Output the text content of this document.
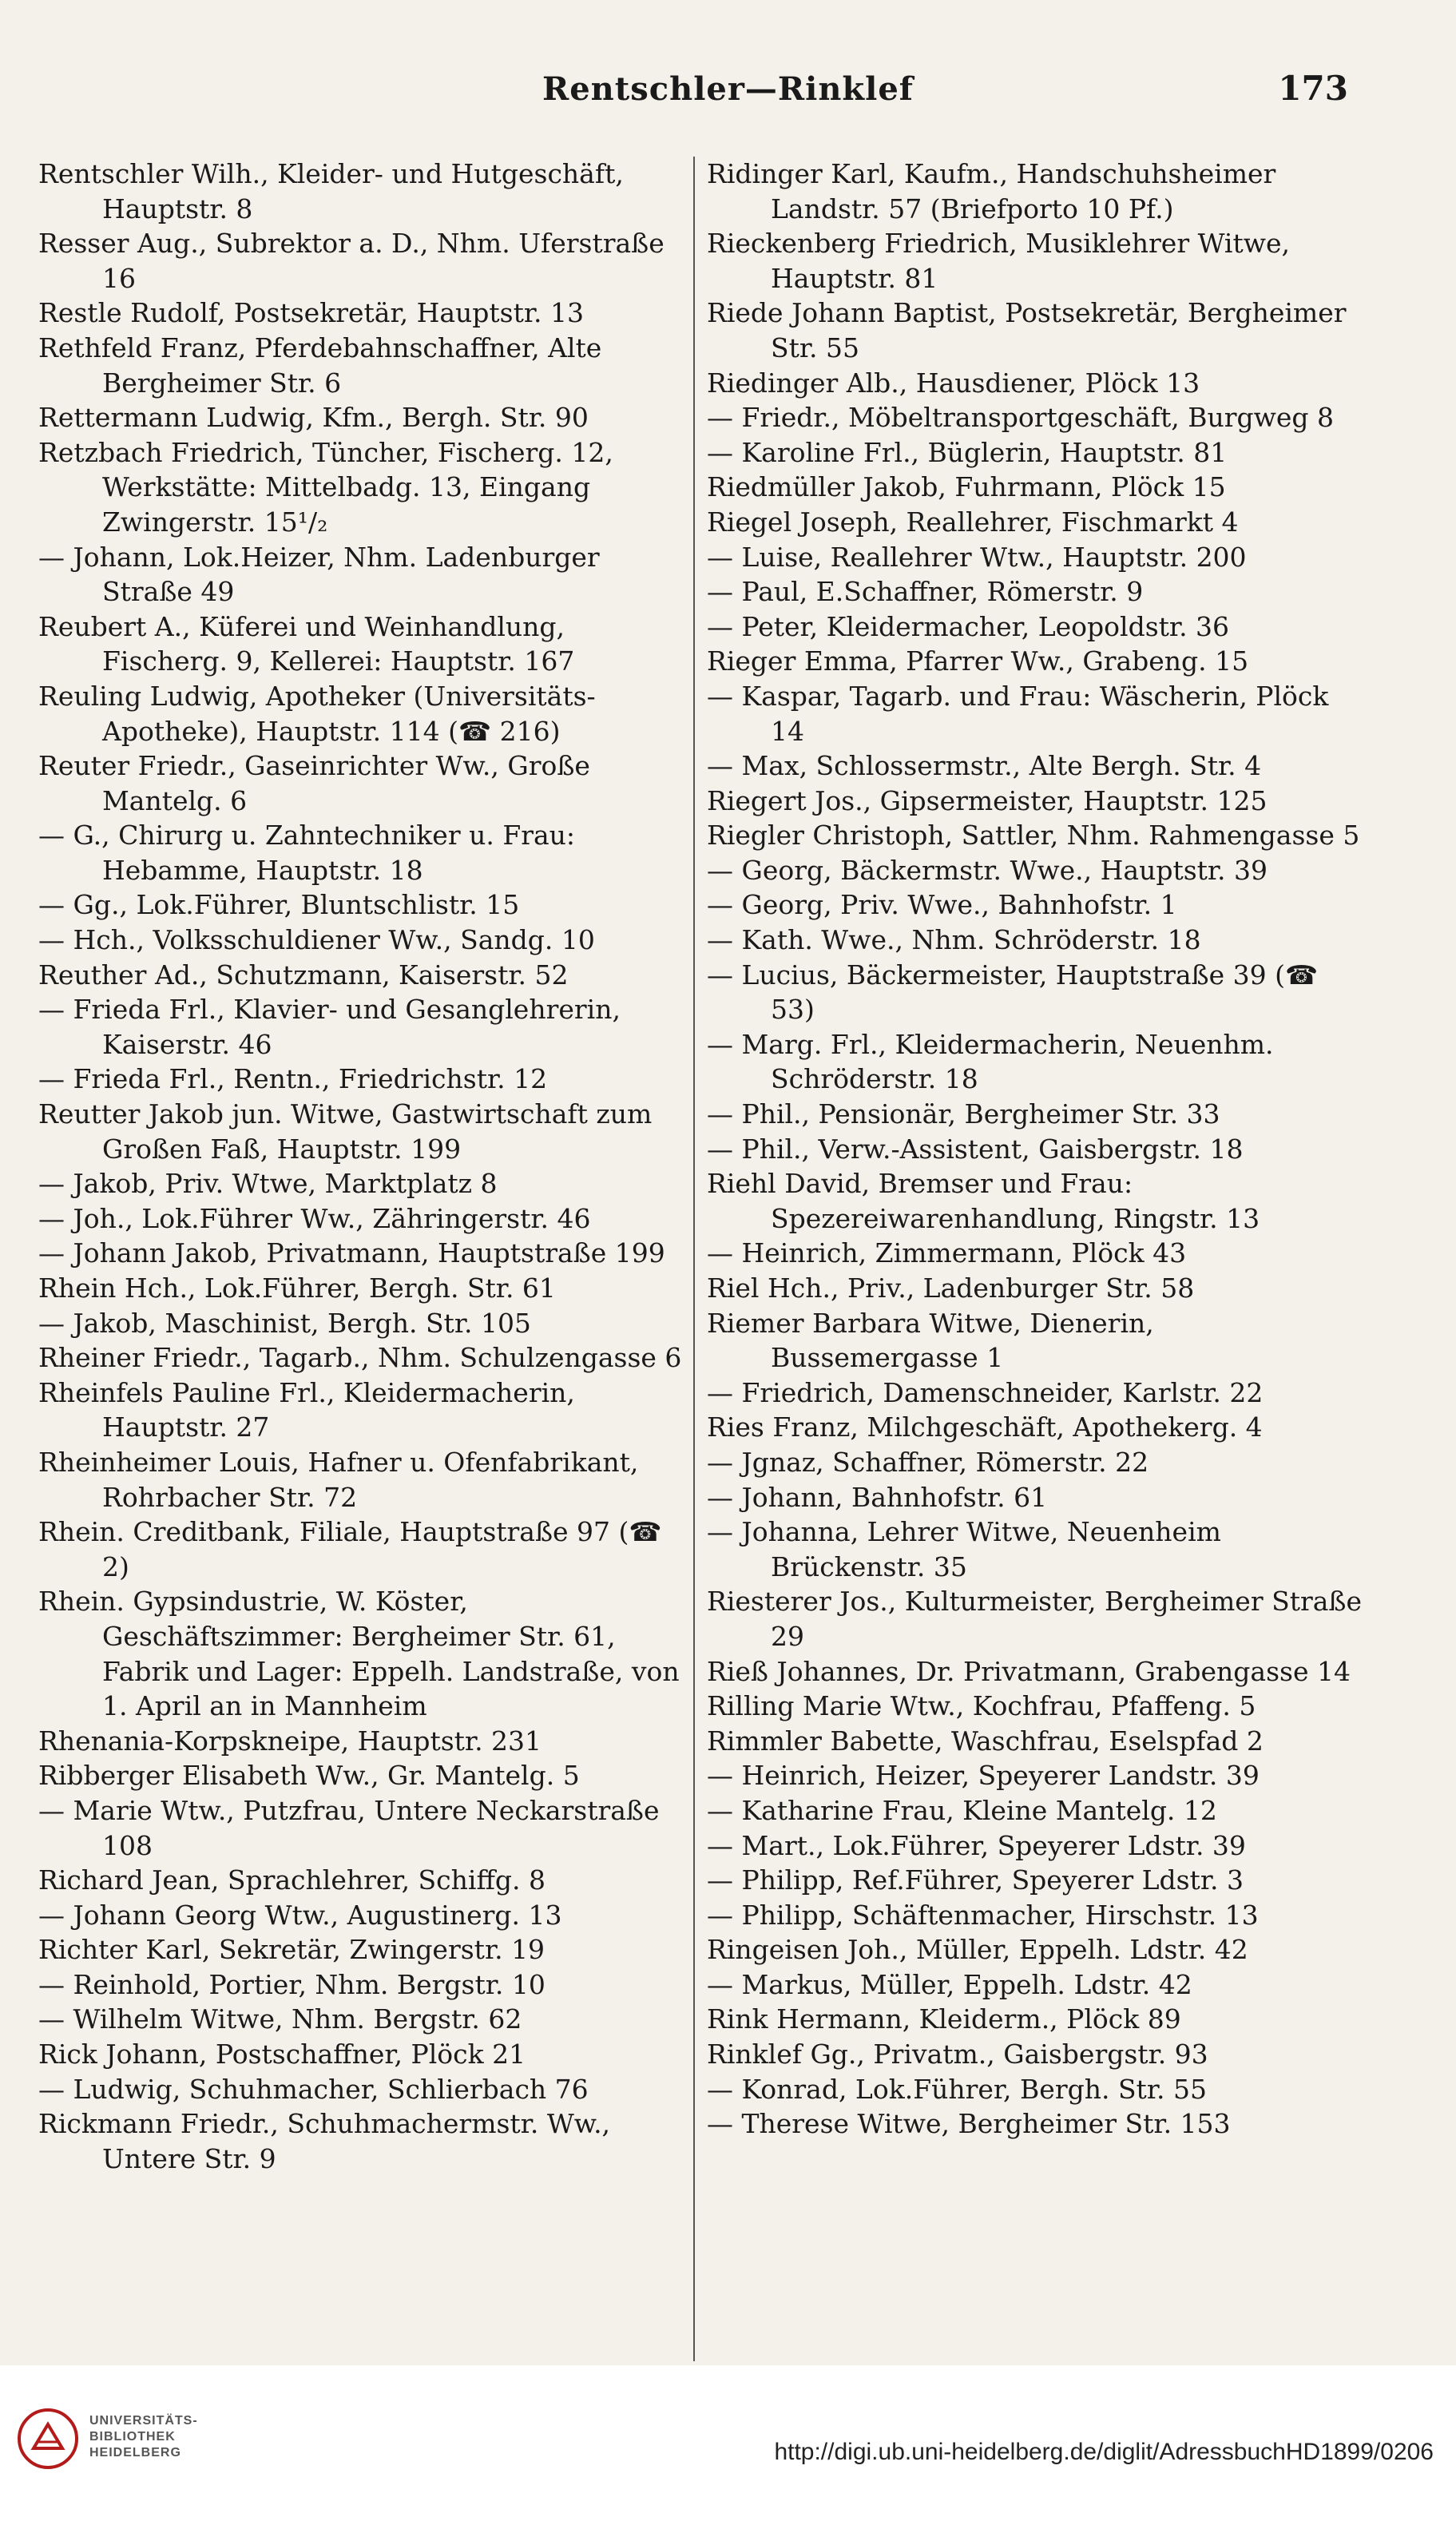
Rentschler—Rinklef	173

Rentschler Wilh., Kleider- und Hutgeschäft, Hauptstr. 8

Resser Aug., Subrektor a. D., Nhm. Uferstraße 16

Restle Rudolf, Postsekretär, Hauptstr. 13

Rethfeld Franz, Pferdebahnschaffner, Alte Bergheimer Str. 6

Rettermann Ludwig, Kfm., Bergh. Str. 90

Retzbach Friedrich, Tüncher, Fischerg. 12, Werkstätte: Mittelbadg. 13, Eingang Zwingerstr. 15¹/₂

— Johann, Lok.Heizer, Nhm. Ladenburger Straße 49

Reubert A., Küferei und Weinhandlung, Fischerg. 9, Kellerei: Hauptstr. 167

Reuling Ludwig, Apotheker (Universitäts-Apotheke), Hauptstr. 114 (☎ 216)

Reuter Friedr., Gaseinrichter Ww., Große Mantelg. 6

— G., Chirurg u. Zahntechniker u. Frau: Hebamme, Hauptstr. 18

— Gg., Lok.Führer, Bluntschlistr. 15

— Hch., Volksschuldiener Ww., Sandg. 10

Reuther Ad., Schutzmann, Kaiserstr. 52

— Frieda Frl., Klavier- und Gesanglehrerin, Kaiserstr. 46

— Frieda Frl., Rentn., Friedrichstr. 12

Reutter Jakob jun. Witwe, Gastwirtschaft zum Großen Faß, Hauptstr. 199

— Jakob, Priv. Wtwe, Marktplatz 8

— Joh., Lok.Führer Ww., Zähringerstr. 46

— Johann Jakob, Privatmann, Hauptstraße 199

Rhein Hch., Lok.Führer, Bergh. Str. 61

— Jakob, Maschinist, Bergh. Str. 105

Rheiner Friedr., Tagarb., Nhm. Schulzengasse 6

Rheinfels Pauline Frl., Kleidermacherin, Hauptstr. 27

Rheinheimer Louis, Hafner u. Ofenfabrikant, Rohrbacher Str. 72

Rhein. Creditbank, Filiale, Hauptstraße 97 (☎ 2)

Rhein. Gypsindustrie, W. Köster, Geschäftszimmer: Bergheimer Str. 61, Fabrik und Lager: Eppelh. Landstraße, von 1. April an in Mannheim

Rhenania-Korpskneipe, Hauptstr. 231

Ribberger Elisabeth Ww., Gr. Mantelg. 5

— Marie Wtw., Putzfrau, Untere Neckarstraße 108

Richard Jean, Sprachlehrer, Schiffg. 8

— Johann Georg Wtw., Augustinerg. 13

Richter Karl, Sekretär, Zwingerstr. 19

— Reinhold, Portier, Nhm. Bergstr. 10

— Wilhelm Witwe, Nhm. Bergstr. 62

Rick Johann, Postschaffner, Plöck 21

— Ludwig, Schuhmacher, Schlierbach 76

Rickmann Friedr., Schuhmachermstr. Ww., Untere Str. 9

Ridinger Karl, Kaufm., Handschuhsheimer Landstr. 57 (Briefporto 10 Pf.)

Rieckenberg Friedrich, Musiklehrer Witwe, Hauptstr. 81

Riede Johann Baptist, Postsekretär, Bergheimer Str. 55

Riedinger Alb., Hausdiener, Plöck 13

— Friedr., Möbeltransportgeschäft, Burgweg 8

— Karoline Frl., Büglerin, Hauptstr. 81

Riedmüller Jakob, Fuhrmann, Plöck 15

Riegel Joseph, Reallehrer, Fischmarkt 4

— Luise, Reallehrer Wtw., Hauptstr. 200

— Paul, E.Schaffner, Römerstr. 9

— Peter, Kleidermacher, Leopoldstr. 36

Rieger Emma, Pfarrer Ww., Grabeng. 15

— Kaspar, Tagarb. und Frau: Wäscherin, Plöck 14

— Max, Schlossermstr., Alte Bergh. Str. 4

Riegert Jos., Gipsermeister, Hauptstr. 125

Riegler Christoph, Sattler, Nhm. Rahmengasse 5

— Georg, Bäckermstr. Wwe., Hauptstr. 39

— Georg, Priv. Wwe., Bahnhofstr. 1

— Kath. Wwe., Nhm. Schröderstr. 18

— Lucius, Bäckermeister, Hauptstraße 39 (☎ 53)

— Marg. Frl., Kleidermacherin, Neuenhm. Schröderstr. 18

— Phil., Pensionär, Bergheimer Str. 33

— Phil., Verw.-Assistent, Gaisbergstr. 18

Riehl David, Bremser und Frau: Spezereiwarenhandlung, Ringstr. 13

— Heinrich, Zimmermann, Plöck 43

Riel Hch., Priv., Ladenburger Str. 58

Riemer Barbara Witwe, Dienerin, Bussemergasse 1

— Friedrich, Damenschneider, Karlstr. 22

Ries Franz, Milchgeschäft, Apothekerg. 4

— Jgnaz, Schaffner, Römerstr. 22

— Johann, Bahnhofstr. 61

— Johanna, Lehrer Witwe, Neuenheim Brückenstr. 35

Riesterer Jos., Kulturmeister, Bergheimer Straße 29

Rieß Johannes, Dr. Privatmann, Grabengasse 14

Rilling Marie Wtw., Kochfrau, Pfaffeng. 5

Rimmler Babette, Waschfrau, Eselspfad 2

— Heinrich, Heizer, Speyerer Landstr. 39

— Katharine Frau, Kleine Mantelg. 12

— Mart., Lok.Führer, Speyerer Ldstr. 39

— Philipp, Ref.Führer, Speyerer Ldstr. 3

— Philipp, Schäftenmacher, Hirschstr. 13

Ringeisen Joh., Müller, Eppelh. Ldstr. 42

— Markus, Müller, Eppelh. Ldstr. 42

Rink Hermann, Kleiderm., Plöck 89

Rinklef Gg., Privatm., Gaisbergstr. 93

— Konrad, Lok.Führer, Bergh. Str. 55

— Therese Witwe, Bergheimer Str. 153

UNIVERSITÄTS-
BIBLIOTHEK
HEIDELBERG	http://digi.ub.uni-heidelberg.de/diglit/AdressbuchHD1899/0206
